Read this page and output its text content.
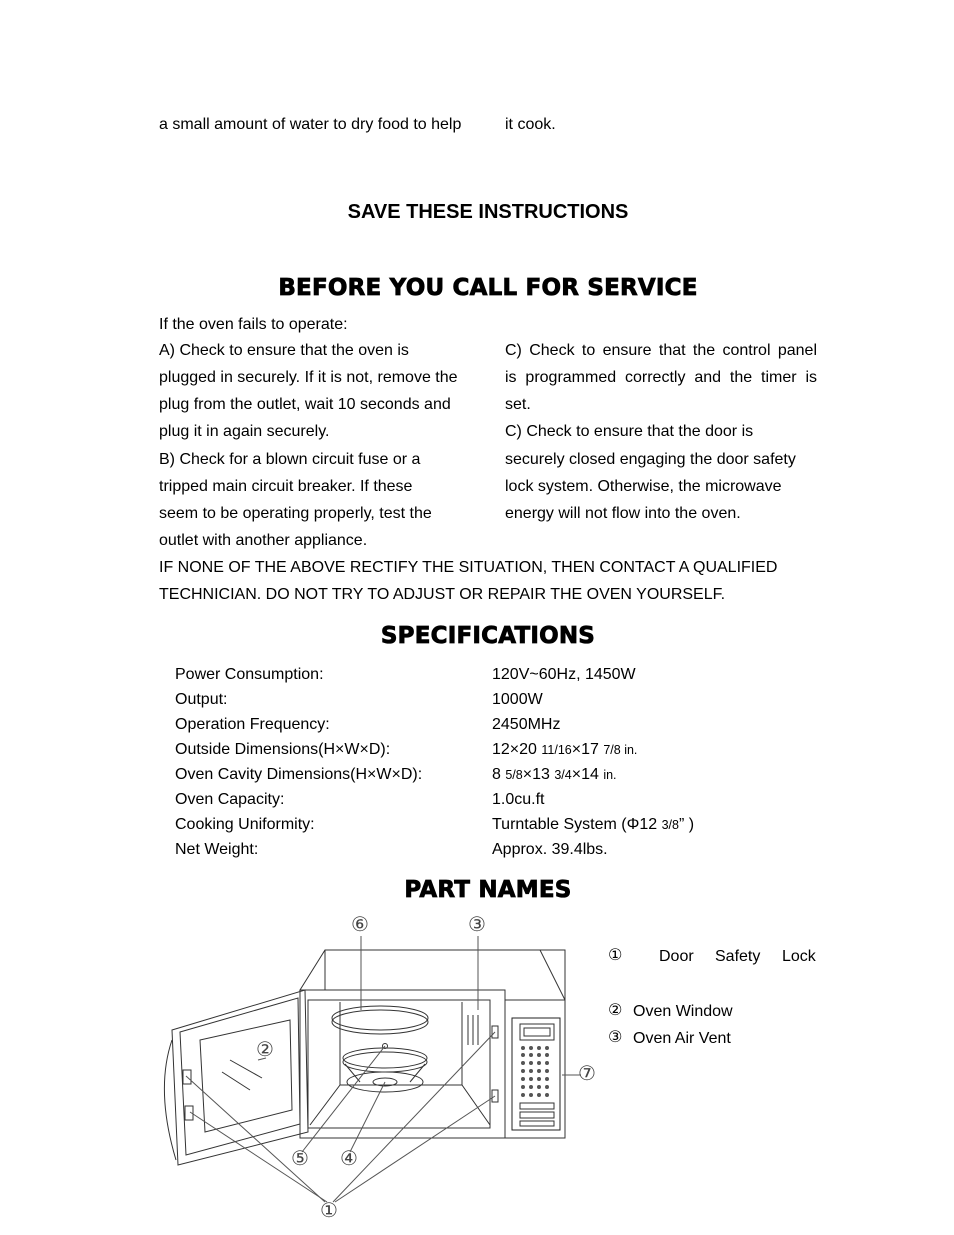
a small amount of water to dry food to help	it cook.
SAVE THESE INSTRUCTIONS
BEFORE YOU CALL FOR SERVICE
If the oven fails to operate:
A) Check to ensure that the oven is
plugged in securely. If it is not, remove the
plug from the outlet, wait 10 seconds and
plug it in again securely.
B) Check for a blown circuit fuse or a
tripped main circuit breaker. If these
seem to be operating properly, test the
outlet with another appliance.
C) Check to ensure that the control panel
is programmed correctly and the timer is
set.
C) Check to ensure that the door is
securely closed engaging the door safety
lock system. Otherwise, the microwave
energy will not flow into the oven.
IF NONE OF THE ABOVE RECTIFY THE SITUATION, THEN CONTACT A QUALIFIED
TECHNICIAN. DO NOT TRY TO ADJUST OR REPAIR THE OVEN YOURSELF.
SPECIFICATIONS
Power Consumption:	120V~60Hz, 1450W
Output:	1000W
Operation Frequency:	2450MHz
Outside Dimensions(H×W×D):	12×20 11/16×17 7/8 in.
Oven Cavity Dimensions(H×W×D):	8 5/8×13 3/4×14 in.
Oven Capacity:	1.0cu.ft
Cooking Uniformity:	Turntable System (Φ12 3/8” )
Net Weight:	Approx. 39.4lbs.
PART NAMES
① Door Safety Lock
② Oven Window
③ Oven Air Vent
⑥	③
②
⑦
⑤ ④
①
